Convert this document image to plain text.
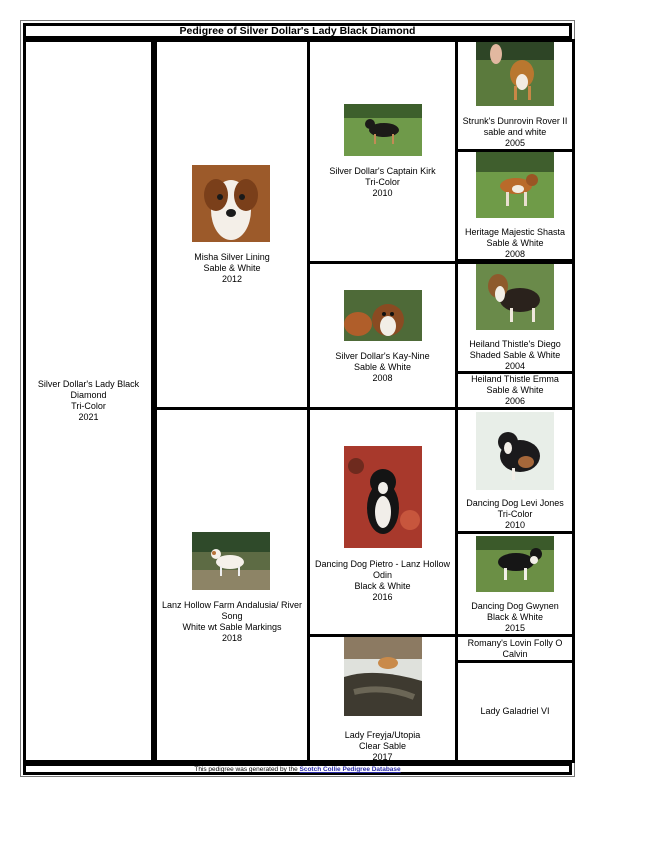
Pedigree of Silver Dollar's Lady Black Diamond
Silver Dollar's Lady Black Diamond
Tri-Color
2021
Misha Silver Lining
Sable & White
2012
Lanz Hollow Farm Andalusia/ River Song
White wt Sable Markings
2018
Silver Dollar's Captain Kirk
Tri-Color
2010
Silver Dollar's Kay-Nine
Sable & White
2008
Dancing Dog Pietro - Lanz Hollow Odin
Black & White
2016
Lady Freyja/Utopia
Clear Sable
2017
Strunk's Dunrovin Rover II
sable and white
2005
Heritage Majestic Shasta
Sable & White
2008
Heiland Thistle's Diego
Shaded Sable & White
2004
Heiland Thistle Emma
Sable & White
2006
Dancing Dog Levi Jones
Tri-Color
2010
Dancing Dog Gwynen
Black & White
2015
Romany's Lovin Folly O Calvin
Lady Galadriel VI
This pedigree was generated by the Scotch Collie Pedigree Database
